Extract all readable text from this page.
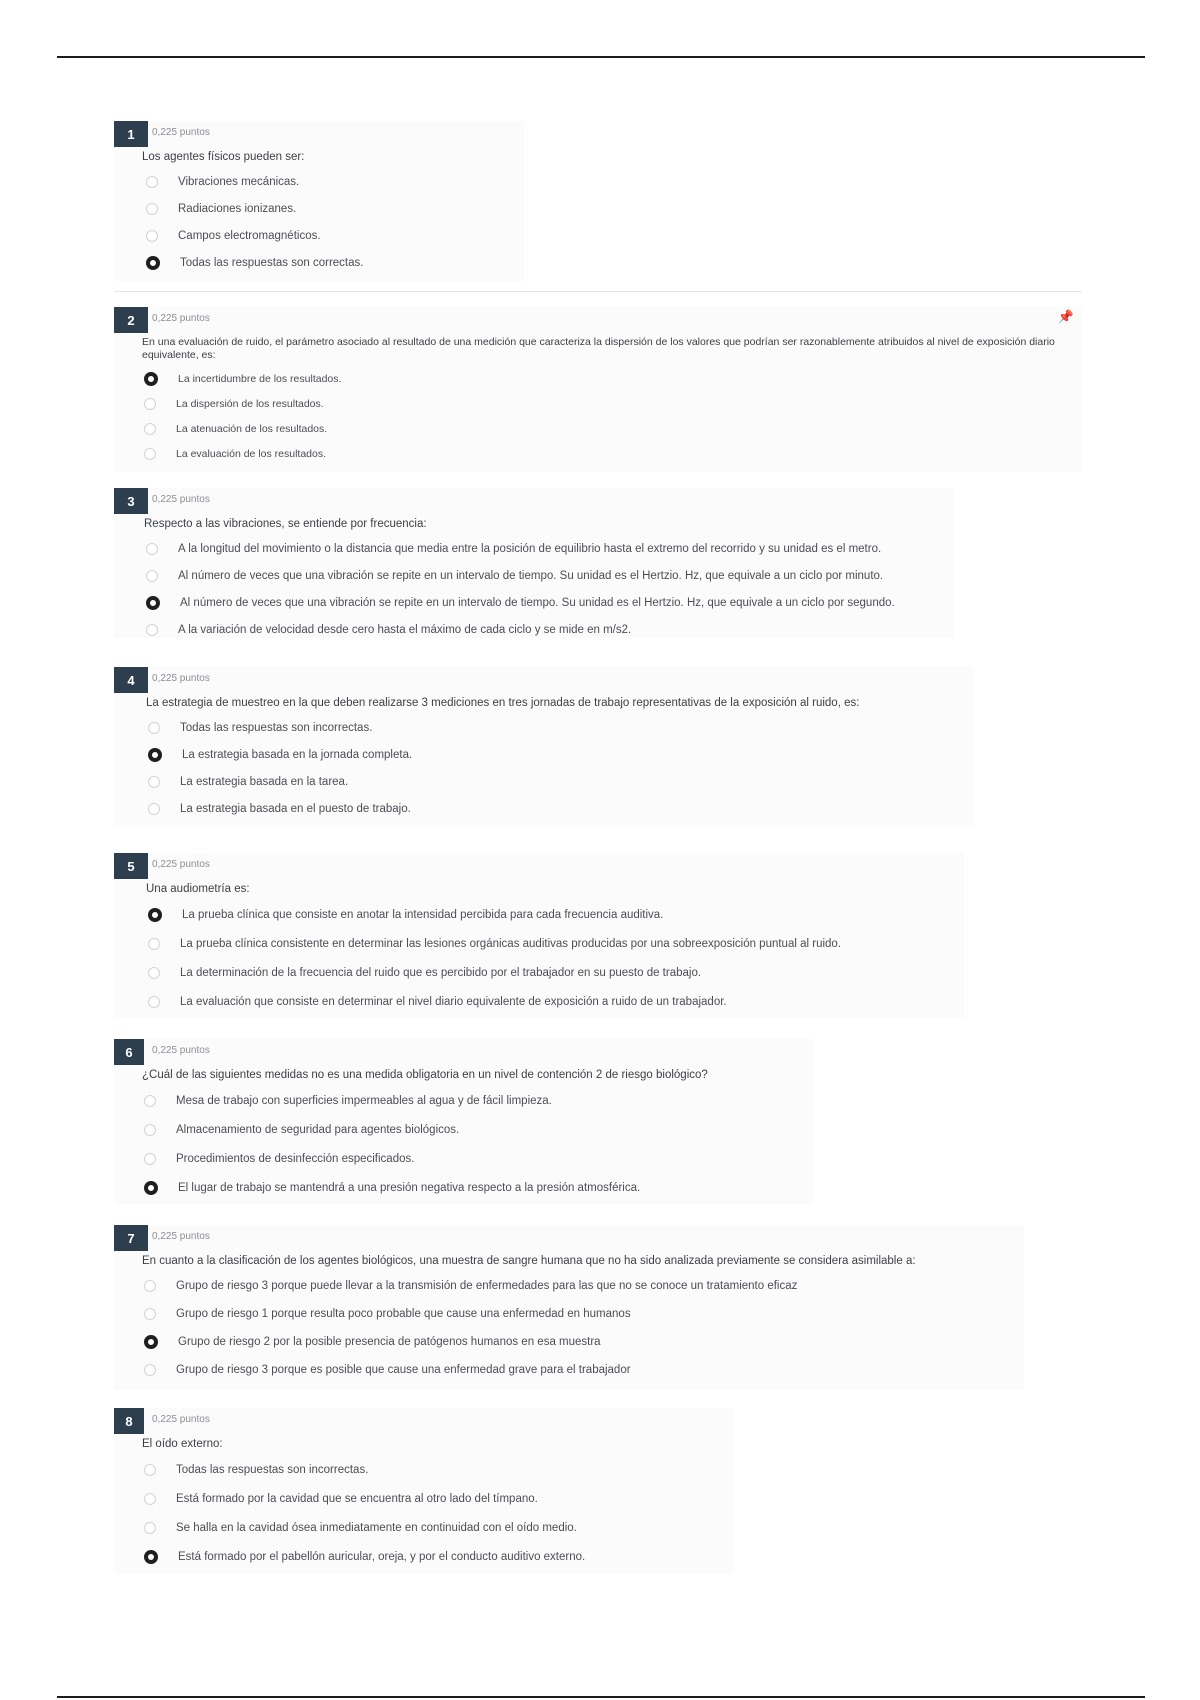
1	0,225 puntos
Los agentes físicos pueden ser:
Vibraciones mecánicas.
Radiaciones ionizanes.
Campos electromagnéticos.
Todas las respuestas son correctas.
2	0,225 puntos	📌
En una evaluación de ruido, el parámetro asociado al resultado de una medición que caracteriza la dispersión de los valores que podrían ser razonablemente atribuidos al nivel de exposición diario equivalente, es:
La incertidumbre de los resultados.
La dispersión de los resultados.
La atenuación de los resultados.
La evaluación de los resultados.
3	0,225 puntos
Respecto a las vibraciones, se entiende por frecuencia:
A la longitud del movimiento o la distancia que media entre la posición de equilibrio hasta el extremo del recorrido y su unidad es el metro.
Al número de veces que una vibración se repite en un intervalo de tiempo. Su unidad es el Hertzio. Hz, que equivale a un ciclo por minuto.
Al número de veces que una vibración se repite en un intervalo de tiempo. Su unidad es el Hertzio. Hz, que equivale a un ciclo por segundo.
A la variación de velocidad desde cero hasta el máximo de cada ciclo y se mide en m/s2.
4	0,225 puntos
La estrategia de muestreo en la que deben realizarse 3 mediciones en tres jornadas de trabajo representativas de la exposición al ruido, es:
Todas las respuestas son incorrectas.
La estrategia basada en la jornada completa.
La estrategia basada en la tarea.
La estrategia basada en el puesto de trabajo.
5	0,225 puntos
Una audiometría es:
La prueba clínica que consiste en anotar la intensidad percibida para cada frecuencia auditiva.
La prueba clínica consistente en determinar las lesiones orgánicas auditivas producidas por una sobreexposición puntual al ruido.
La determinación de la frecuencia del ruido que es percibido por el trabajador en su puesto de trabajo.
La evaluación que consiste en determinar el nivel diario equivalente de exposición a ruido de un trabajador.
6	0,225 puntos
¿Cuál de las siguientes medidas no es una medida obligatoria en un nivel de contención 2 de riesgo biológico?
Mesa de trabajo con superficies impermeables al agua y de fácil limpieza.
Almacenamiento de seguridad para agentes biológicos.
Procedimientos de desinfección especificados.
El lugar de trabajo se mantendrá a una presión negativa respecto a la presión atmosférica.
7	0,225 puntos
En cuanto a la clasificación de los agentes biológicos, una muestra de sangre humana que no ha sido analizada previamente se considera asimilable a:
Grupo de riesgo 3 porque puede llevar a la transmisión de enfermedades para las que no se conoce un tratamiento eficaz
Grupo de riesgo 1 porque resulta poco probable que cause una enfermedad en humanos
Grupo de riesgo 2 por la posible presencia de patógenos humanos en esa muestra
Grupo de riesgo 3 porque es posible que cause una enfermedad grave para el trabajador
8	0,225 puntos
El oído externo:
Todas las respuestas son incorrectas.
Está formado por la cavidad que se encuentra al otro lado del tímpano.
Se halla en la cavidad ósea inmediatamente en continuidad con el oído medio.
Está formado por el pabellón auricular, oreja, y por el conducto auditivo externo.
